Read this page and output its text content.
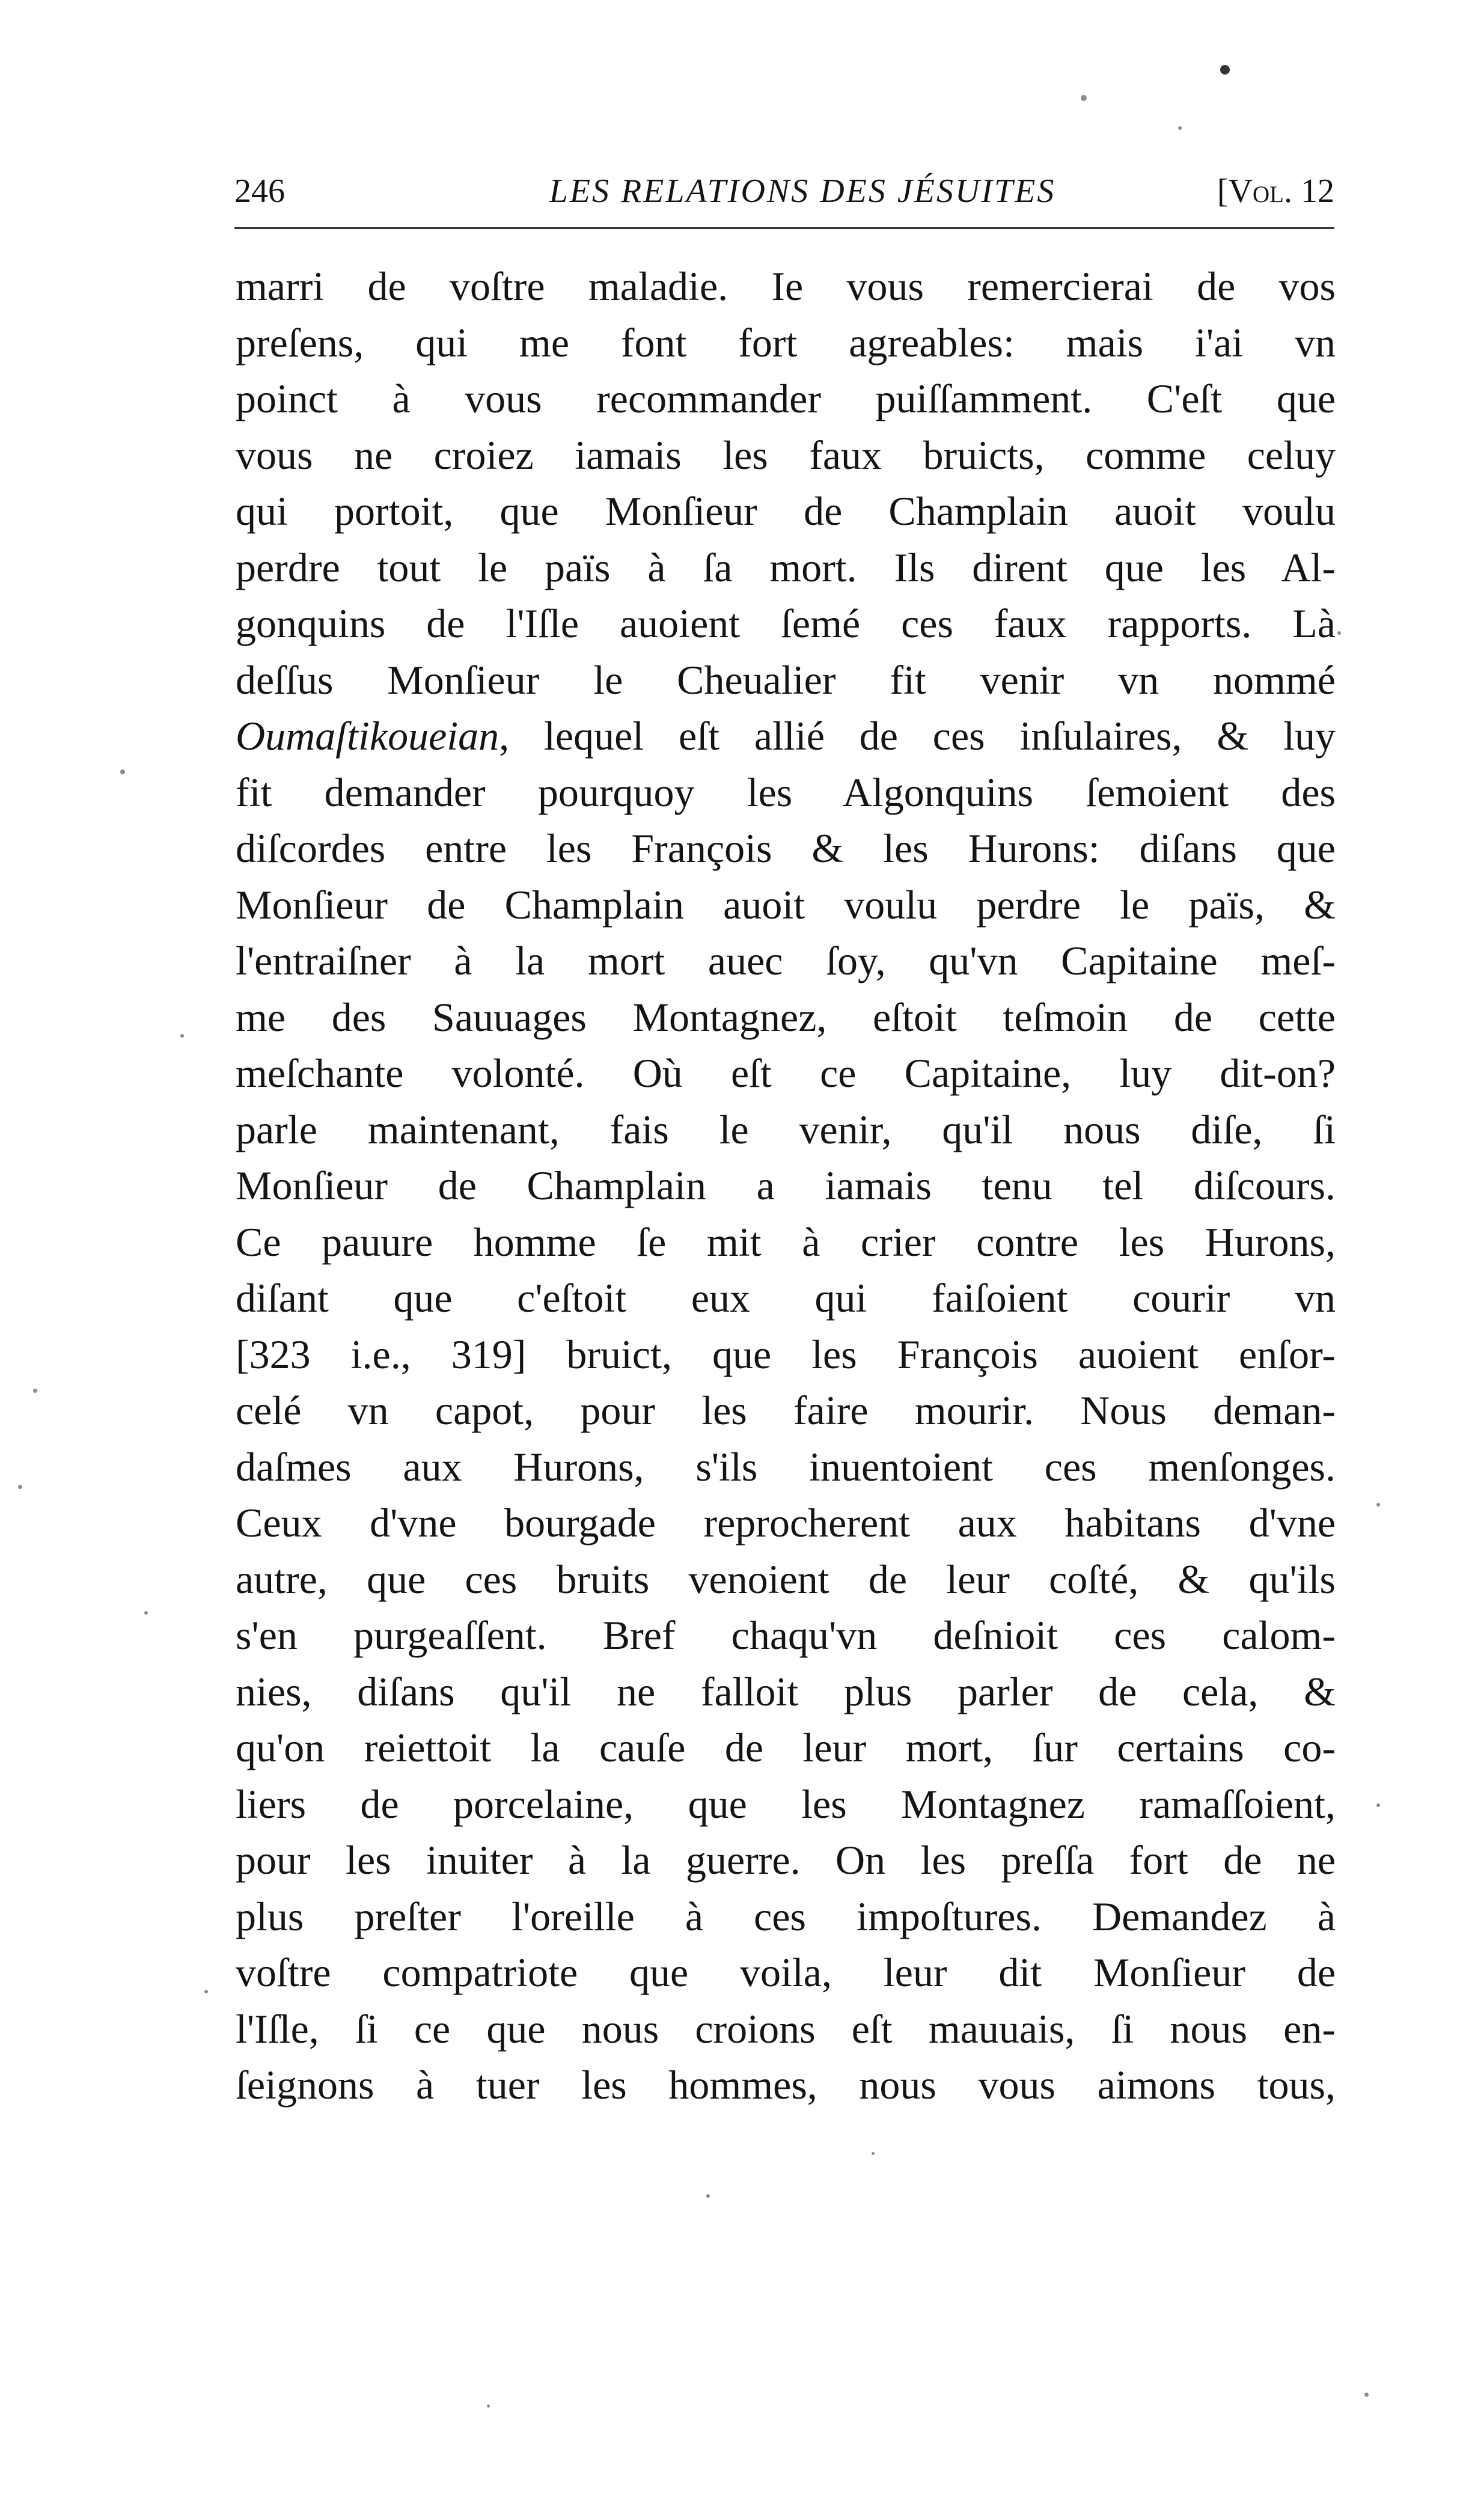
246	LES RELATIONS DES JÉSUITES	[Vol. 12
marri de voſtre maladie. Ie vous remercierai de vos
preſens, qui me font fort agreables: mais i'ai vn
poinct à vous recommander puiſſamment. C'eſt que
vous ne croiez iamais les faux bruicts, comme celuy
qui portoit, que Monſieur de Champlain auoit voulu
perdre tout le païs à ſa mort. Ils dirent que les Al-
gonquins de l'Iſle auoient ſemé ces faux rapports. Là
deſſus Monſieur le Cheualier fit venir vn nommé
Oumaſtikoueian, lequel eſt allié de ces inſulaires, & luy
fit demander pourquoy les Algonquins ſemoient des
diſcordes entre les François & les Hurons: diſans que
Monſieur de Champlain auoit voulu perdre le païs, &
l'entraiſner à la mort auec ſoy, qu'vn Capitaine meſ-
me des Sauuages Montagnez, eſtoit teſmoin de cette
meſchante volonté. Où eſt ce Capitaine, luy dit-on?
parle maintenant, fais le venir, qu'il nous diſe, ſi
Monſieur de Champlain a iamais tenu tel diſcours.
Ce pauure homme ſe mit à crier contre les Hurons,
diſant que c'eſtoit eux qui faiſoient courir vn
[323 i.e., 319] bruict, que les François auoient enſor-
celé vn capot, pour les faire mourir. Nous deman-
daſmes aux Hurons, s'ils inuentoient ces menſonges.
Ceux d'vne bourgade reprocherent aux habitans d'vne
autre, que ces bruits venoient de leur coſté, & qu'ils
s'en purgeaſſent. Bref chaqu'vn deſnioit ces calom-
nies, diſans qu'il ne falloit plus parler de cela, &
qu'on reiettoit la cauſe de leur mort, ſur certains co-
liers de porcelaine, que les Montagnez ramaſſoient,
pour les inuiter à la guerre. On les preſſa fort de ne
plus preſter l'oreille à ces impoſtures. Demandez à
voſtre compatriote que voila, leur dit Monſieur de
l'Iſle, ſi ce que nous croions eſt mauuais, ſi nous en-
ſeignons à tuer les hommes, nous vous aimons tous,
